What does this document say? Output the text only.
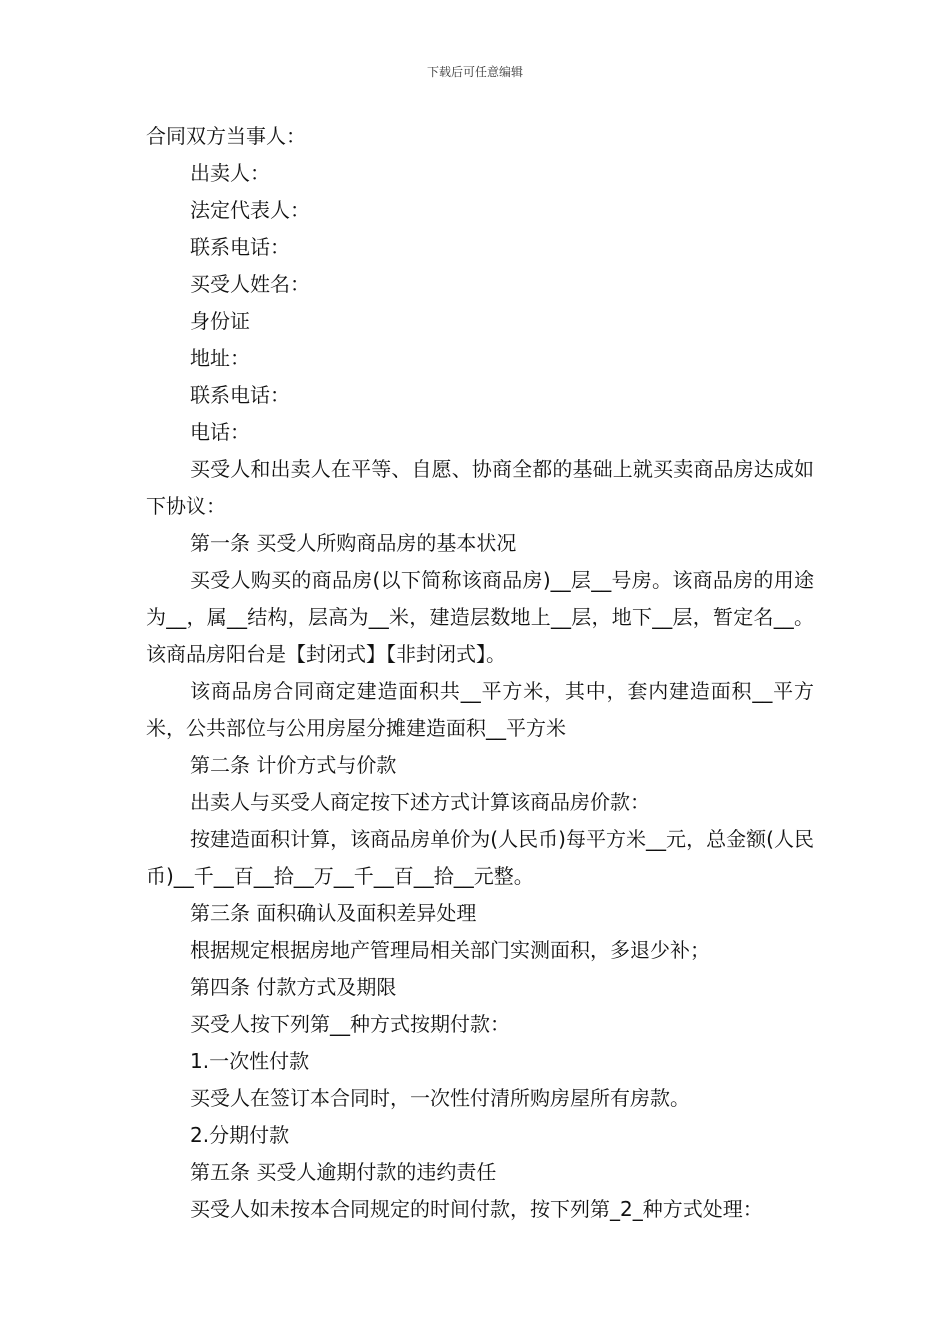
下载后可任意编辑

合同双方当事人：

出卖人：

法定代表人：

联系电话：

买受人姓名：

身份证

地址：

联系电话：

电话：

买受人和出卖人在平等、自愿、协商全都的基础上就买卖商品房达成如下协议：

第一条 买受人所购商品房的基本状况

买受人购买的商品房(以下简称该商品房)__层__号房。该商品房的用途为__，属__结构，层高为__米，建造层数地上__层，地下__层，暂定名__。该商品房阳台是【封闭式】【非封闭式】。

该商品房合同商定建造面积共__平方米，其中，套内建造面积__平方米，公共部位与公用房屋分摊建造面积__平方米

第二条 计价方式与价款

出卖人与买受人商定按下述方式计算该商品房价款：

按建造面积计算，该商品房单价为(人民币)每平方米__元，总金额(人民币)__千__百__拾__万__千__百__拾__元整。

第三条 面积确认及面积差异处理

根据规定根据房地产管理局相关部门实测面积，多退少补；

第四条 付款方式及期限

买受人按下列第__种方式按期付款：

1.一次性付款

买受人在签订本合同时，一次性付清所购房屋所有房款。

2.分期付款

第五条 买受人逾期付款的违约责任

买受人如未按本合同规定的时间付款，按下列第_2_种方式处理：
